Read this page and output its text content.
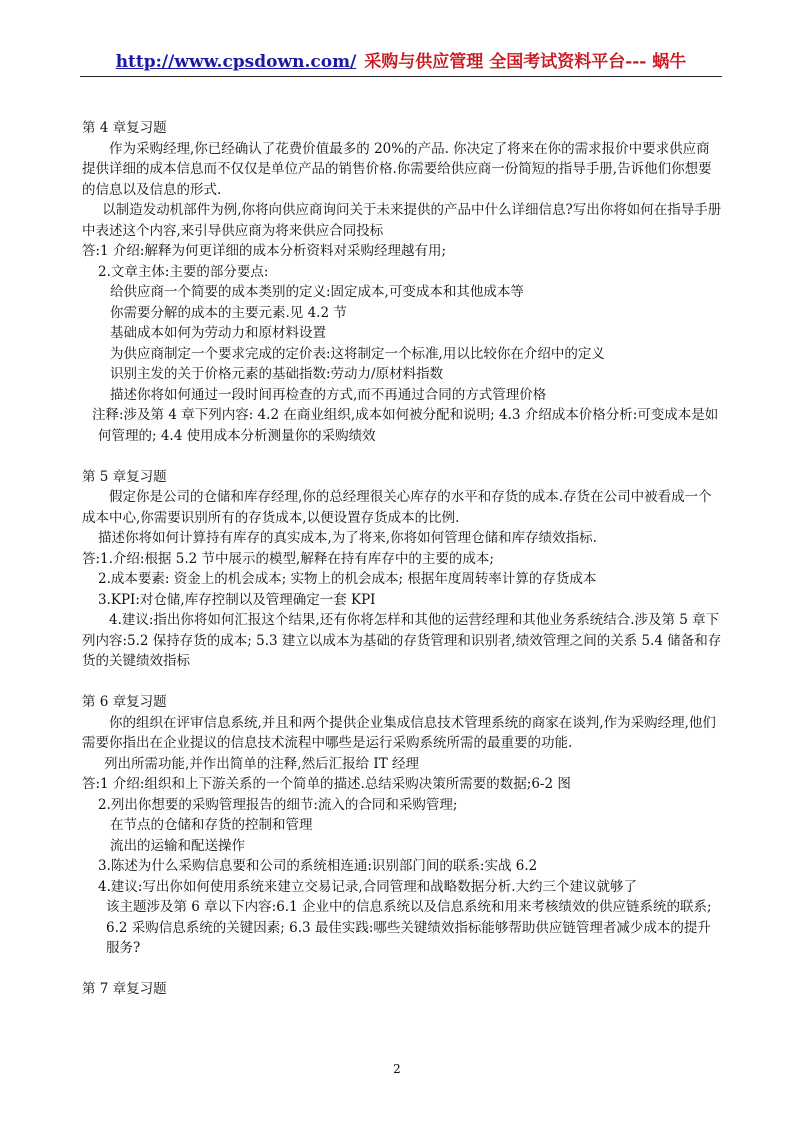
http://www.cpsdown.com/ 采购与供应管理 全国考试资料平台--- 蜗牛

第 4 章复习题

作为采购经理,你已经确认了花费价值最多的 20%的产品. 你决定了将来在你的需求报价中要求供应商提供详细的成本信息而不仅仅是单位产品的销售价格.你需要给供应商一份简短的指导手册,告诉他们你想要的信息以及信息的形式.

以制造发动机部件为例,你将向供应商询问关于未来提供的产品中什么详细信息?写出你将如何在指导手册中表述这个内容,来引导供应商为将来供应合同投标

答:1 介绍:解释为何更详细的成本分析资料对采购经理越有用;

2.文章主体:主要的部分要点:

给供应商一个简要的成本类别的定义:固定成本,可变成本和其他成本等

你需要分解的成本的主要元素.见 4.2 节

基础成本如何为劳动力和原材料设置

为供应商制定一个要求完成的定价表:这将制定一个标准,用以比较你在介绍中的定义

识别主发的关于价格元素的基础指数:劳动力/原材料指数

描述你将如何通过一段时间再检查的方式,而不再通过合同的方式管理价格

注释:涉及第 4 章下列内容: 4.2 在商业组织,成本如何被分配和说明; 4.3 介绍成本价格分析:可变成本是如何管理的; 4.4 使用成本分析测量你的采购绩效

第 5 章复习题

假定你是公司的仓储和库存经理,你的总经理很关心库存的水平和存货的成本.存货在公司中被看成一个成本中心,你需要识别所有的存货成本,以便设置存货成本的比例.

描述你将如何计算持有库存的真实成本,为了将来,你将如何管理仓储和库存绩效指标.

答:1.介绍:根据 5.2 节中展示的模型,解释在持有库存中的主要的成本;

2.成本要素: 资金上的机会成本; 实物上的机会成本; 根据年度周转率计算的存货成本

3.KPI:对仓储,库存控制以及管理确定一套 KPI

4.建议:指出你将如何汇报这个结果,还有你将怎样和其他的运营经理和其他业务系统结合.涉及第 5 章下列内容:5.2 保持存货的成本; 5.3 建立以成本为基础的存货管理和识别者,绩效管理之间的关系 5.4 储备和存货的关键绩效指标

第 6 章复习题

你的组织在评审信息系统,并且和两个提供企业集成信息技术管理系统的商家在谈判,作为采购经理,他们需要你指出在企业提议的信息技术流程中哪些是运行采购系统所需的最重要的功能.

列出所需功能,并作出简单的注释,然后汇报给 IT 经理

答:1 介绍:组织和上下游关系的一个简单的描述.总结采购决策所需要的数据;6-2 图

2.列出你想要的采购管理报告的细节:流入的合同和采购管理;

在节点的仓储和存货的控制和管理

流出的运输和配送操作

3.陈述为什么采购信息要和公司的系统相连通:识别部门间的联系:实战 6.2

4.建议:写出你如何使用系统来建立交易记录,合同管理和战略数据分析.大约三个建议就够了

该主题涉及第 6 章以下内容:6.1 企业中的信息系统以及信息系统和用来考核绩效的供应链系统的联系; 6.2 采购信息系统的关键因素; 6.3 最佳实践:哪些关键绩效指标能够帮助供应链管理者减少成本的提升服务?

第 7 章复习题

2
